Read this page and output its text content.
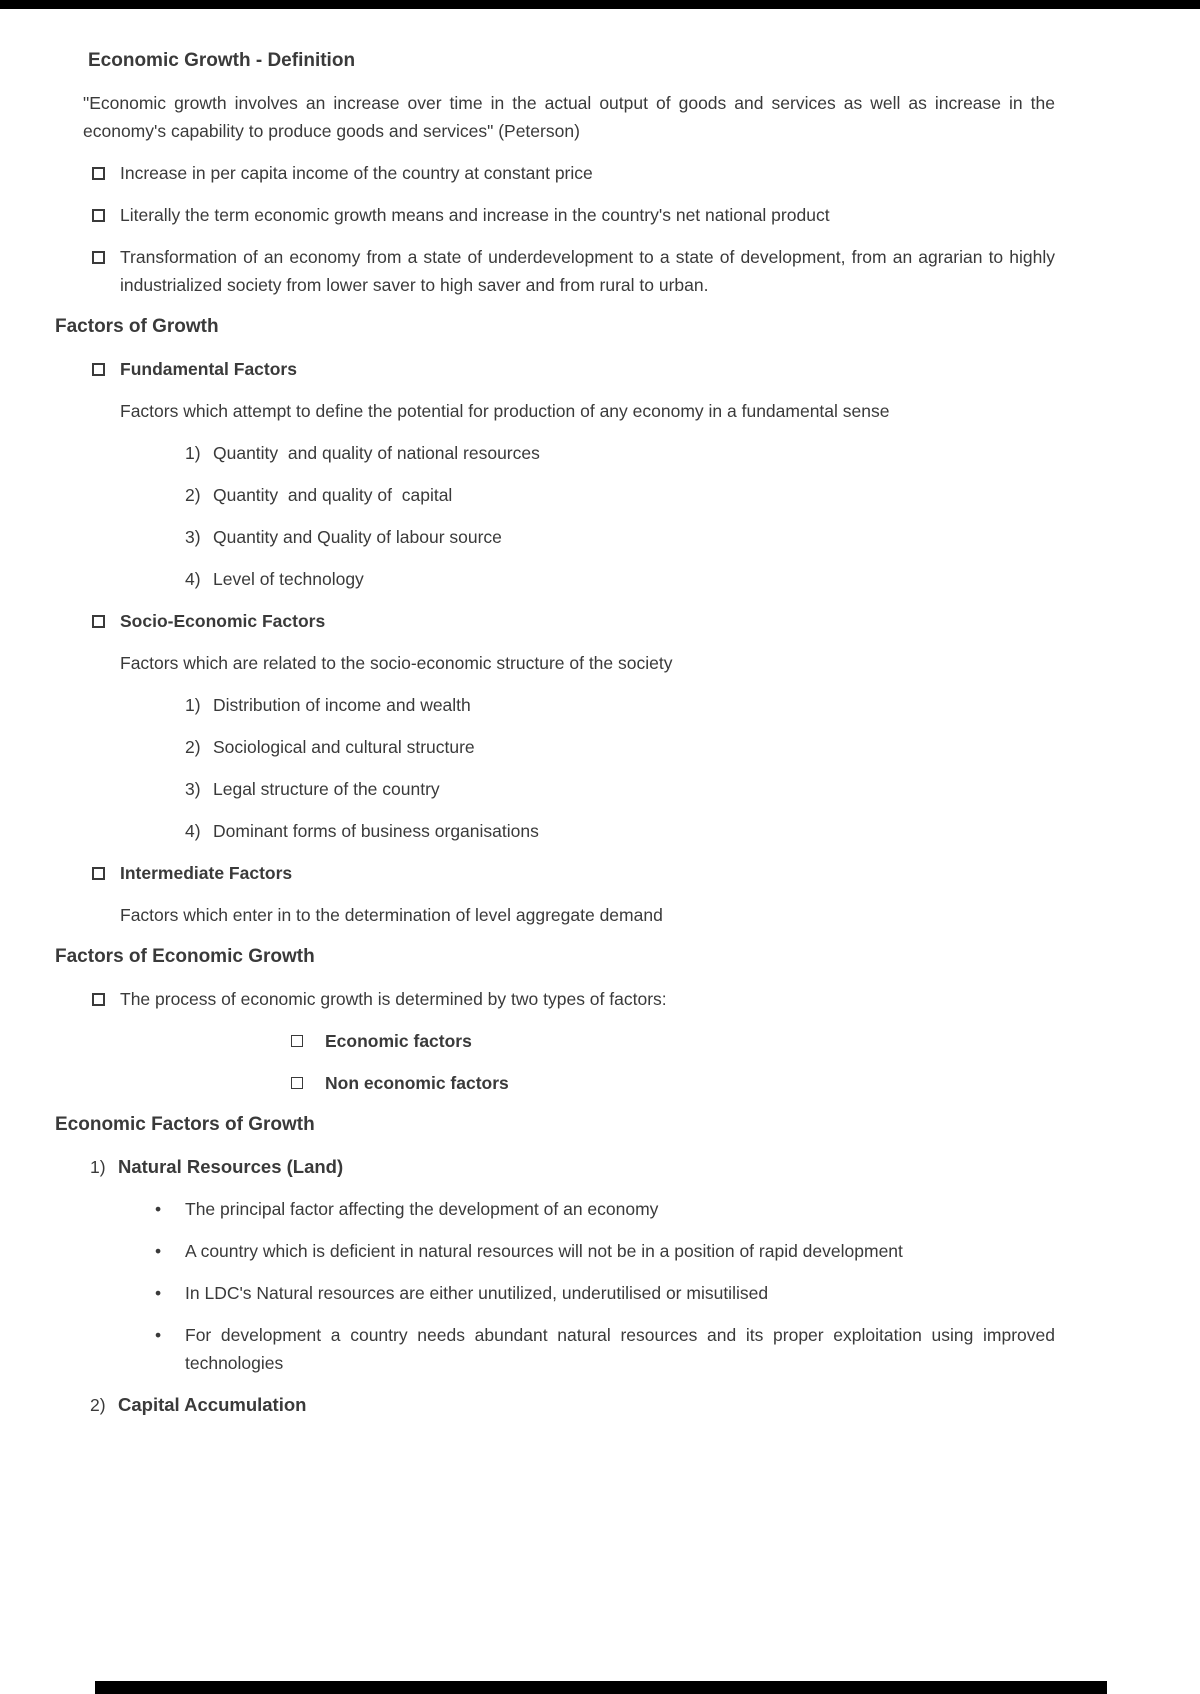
Economic Growth - Definition
"Economic growth involves an increase over time in the actual output of goods and services as well as increase in the economy's capability to produce goods and services" (Peterson)
Increase in per capita income of the country at constant price
Literally the term economic growth means and increase in the country's net national product
Transformation of an economy from a state of underdevelopment to a state of development, from an agrarian to highly industrialized society from lower saver to high saver and from rural to urban.
Factors of Growth
Fundamental Factors
Factors which attempt to define the potential for production of any economy in a fundamental sense
1) Quantity  and quality of national resources
2) Quantity  and quality of  capital
3) Quantity and Quality of labour source
4) Level of technology
Socio-Economic Factors
Factors which are related to the socio-economic structure of the society
1) Distribution of income and wealth
2) Sociological and cultural structure
3) Legal structure of the country
4) Dominant forms of business organisations
Intermediate Factors
Factors which enter in to the determination of level aggregate demand
Factors of Economic Growth
The process of economic growth is determined by two types of factors:
Economic factors
Non economic factors
Economic Factors of Growth
1) Natural Resources (Land)
• The principal factor affecting the development of an economy
• A country which is deficient in natural resources will not be in a position of rapid development
• In LDC's Natural resources are either unutilized, underutilised or misutilised
• For development a country needs abundant natural resources and its proper exploitation using improved technologies
2) Capital Accumulation
